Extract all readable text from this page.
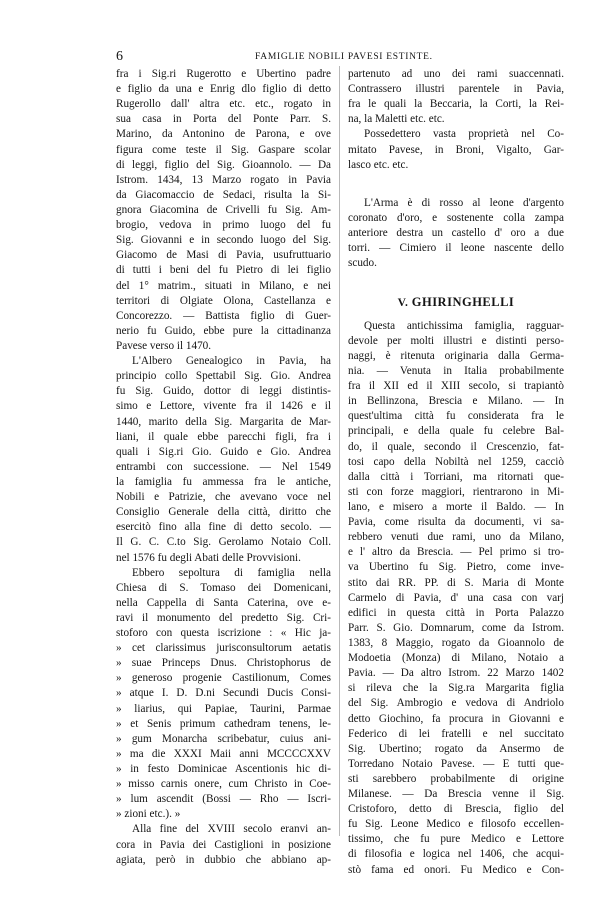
6	FAMIGLIE NOBILI PAVESI ESTINTE.
fra i Sig.ri Rugerotto e Ubertino padre
e figlio da una e Enrig dlo figlio di detto
Rugerollo dall' altra etc. etc., rogato in
sua casa in Porta del Ponte Parr. S.
Marino, da Antonino de Parona, e ove
figura come teste il Sig. Gaspare scolar
di leggi, figlio del Sig. Gioannolo. — Da
Istrom. 1434, 13 Marzo rogato in Pavia
da Giacomaccio de Sedaci, risulta la Si-
gnora Giacomina de Crivelli fu Sig. Am-
brogio, vedova in primo luogo del fu
Sig. Giovanni e in secondo luogo del Sig.
Giacomo de Masi di Pavia, usufruttuario
di tutti i beni del fu Pietro di lei figlio
del 1° matrim., situati in Milano, e nei
territori di Olgiate Olona, Castellanza e
Concorezzo. — Battista figlio di Guer-
nerio fu Guido, ebbe pure la cittadinanza
Pavese verso il 1470.
L'Albero Genealogico in Pavia, ha
principio collo Spettabil Sig. Gio. Andrea
fu Sig. Guido, dottor di leggi distintis-
simo e Lettore, vivente fra il 1426 e il
1440, marito della Sig. Margarita de Mar-
liani, il quale ebbe parecchi figli, fra i
quali i Sig.ri Gio. Guido e Gio. Andrea
entrambi con successione. — Nel 1549
la famiglia fu ammessa fra le antiche,
Nobili e Patrizie, che avevano voce nel
Consiglio Generale della città, diritto che
esercitò fino alla fine di detto secolo. —
Il G. C. C.to Sig. Gerolamo Notaio Coll.
nel 1576 fu degli Abati delle Provvisioni.
Ebbero sepoltura di famiglia nella
Chiesa di S. Tomaso dei Domenicani,
nella Cappella di Santa Caterina, ove e-
ravi il monumento del predetto Sig. Cri-
stoforo con questa iscrizione : « Hic ja-
» cet clarissimus jurisconsultorum aetatis
» suae Princeps Dnus. Christophorus de
» generoso progenie Castilionum, Comes
» atque I. D. D.ni Secundi Ducis Consi-
» liarius, qui Papiae, Taurini, Parmae
» et Senis primum cathedram tenens, le-
» gum Monarcha scribebatur, cuius ani-
» ma die XXXI Maii anni MCCCCXXV
» in festo Dominicae Ascentionis hic di-
» misso carnis onere, cum Christo in Coe-
» lum ascendit (Bossi — Rho — Iscri-
» zioni etc.). »
Alla fine del XVIII secolo eranvi an-
cora in Pavia dei Castiglioni in posizione
agiata, però in dubbio che abbiano ap-
partenuto ad uno dei rami suaccennati.
Contrassero illustri parentele in Pavia,
fra le quali la Beccaria, la Corti, la Rei-
na, la Maletti etc. etc.
Possedettero vasta proprietà nel Co-
mitato Pavese, in Broni, Vigalto, Gar-
lasco etc. etc.
L'Arma è di rosso al leone d'argento
coronato d'oro, e sostenente colla zampa
anteriore destra un castello d' oro a due
torri. — Cimiero il leone nascente dello
scudo.
V. GHIRINGHELLI
Questa antichissima famiglia, ragguar-
devole per molti illustri e distinti perso-
naggi, è ritenuta originaria dalla Germa-
nia. — Venuta in Italia probabilmente
fra il XII ed il XIII secolo, si trapiantò
in Bellinzona, Brescia e Milano. — In
quest'ultima città fu considerata fra le
principali, e della quale fu celebre Bal-
do, il quale, secondo il Crescenzio, fat-
tosi capo della Nobiltà nel 1259, cacciò
dalla città i Torriani, ma ritornati que-
sti con forze maggiori, rientrarono in Mi-
lano, e misero a morte il Baldo. — In
Pavia, come risulta da documenti, vi sa-
rebbero venuti due rami, uno da Milano,
e l' altro da Brescia. — Pel primo si tro-
va Ubertino fu Sig. Pietro, come inve-
stito dai RR. PP. di S. Maria di Monte
Carmelo di Pavia, d' una casa con varj
edifici in questa città in Porta Palazzo
Parr. S. Gio. Domnarum, come da Istrom.
1383, 8 Maggio, rogato da Gioannolo de
Modoetia (Monza) di Milano, Notaio a
Pavia. — Da altro Istrom. 22 Marzo 1402
si rileva che la Sig.ra Margarita figlia
del Sig. Ambrogio e vedova di Andriolo
detto Giochino, fa procura in Giovanni e
Federico di lei fratelli e nel succitato
Sig. Ubertino; rogato da Ansermo de
Torredano Notaio Pavese. — E tutti que-
sti sarebbero probabilmente di origine
Milanese. — Da Brescia venne il Sig.
Cristoforo, detto di Brescia, figlio del
fu Sig. Leone Medico e filosofo eccellen-
tissimo, che fu pure Medico e Lettore
di filosofia e logica nel 1406, che acqui-
stò fama ed onori. Fu Medico e Con-
